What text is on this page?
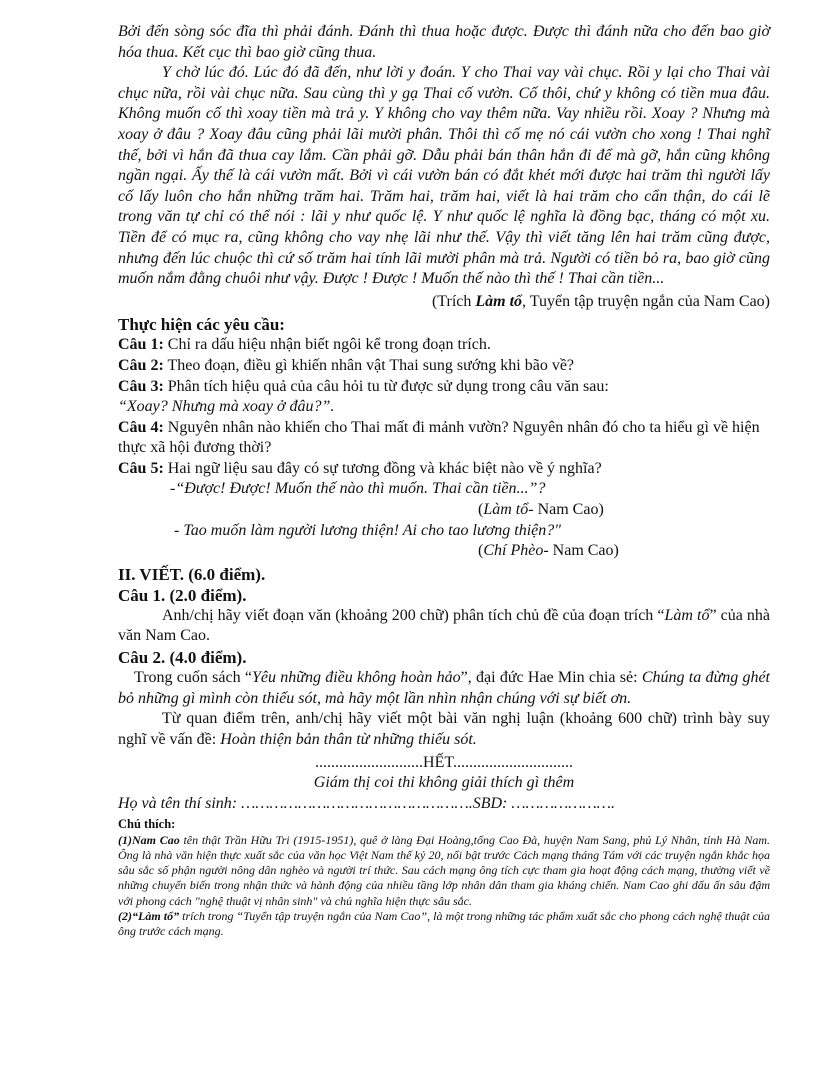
Bởi đến sòng sóc đĩa thì phải đánh. Đánh thì thua hoặc được. Được thì đánh nữa cho đến bao giờ hóa thua. Kết cục thì bao giờ cũng thua.

Y chờ lúc đó. Lúc đó đã đến, như lời y đoán. Y cho Thai vay vài chục. Rồi y lại cho Thai vài chục nữa, rồi vài chục nữa. Sau cùng thì y gạ Thai cố vườn. Cố thôi, chứ y không có tiền mua đâu. Không muốn cố thì xoay tiền mà trả y. Y không cho vay thêm nữa. Vay nhiều rồi. Xoay ? Nhưng mà xoay ở đâu ? Xoay đâu cũng phải lãi mười phân. Thôi thì cố mẹ nó cái vườn cho xong ! Thai nghĩ thế, bởi vì hắn đã thua cay lắm. Cần phải gỡ. Dẫu phải bán thân hắn đi để mà gỡ, hắn cũng không ngần ngại. Ấy thế là cái vườn mất. Bởi vì cái vườn bán có đắt khét mới được hai trăm thì người lấy cố lấy luôn cho hắn những trăm hai. Trăm hai, trăm hai, viết là hai trăm cho cẩn thận, do cái lẽ trong văn tự chỉ có thể nói : lãi y như quốc lệ. Y như quốc lệ nghĩa là đồng bạc, tháng có một xu. Tiền để có mục ra, cũng không cho vay nhẹ lãi như thế. Vậy thì viết tăng lên hai trăm cũng được, nhưng đến lúc chuộc thì cứ số trăm hai tính lãi mười phân mà trả. Người có tiền bỏ ra, bao giờ cũng muốn nắm đằng chuôi như vậy. Được ! Được ! Muốn thế nào thì thế ! Thai cần tiền...

(Trích Làm tổ, Tuyển tập truyện ngắn của Nam Cao)

Thực hiện các yêu cầu:

Câu 1: Chỉ ra dấu hiệu nhận biết ngôi kể trong đoạn trích.

Câu 2: Theo đoạn, điều gì khiến nhân vật Thai sung sướng khi bão về?

Câu 3: Phân tích hiệu quả của câu hỏi tu từ được sử dụng trong câu văn sau:

“Xoay? Nhưng mà xoay ở đâu?”.

Câu 4: Nguyên nhân nào khiến cho Thai mất đi mảnh vườn? Nguyên nhân đó cho ta hiểu gì về hiện thực xã hội đương thời?

Câu 5: Hai ngữ liệu sau đây có sự tương đồng và khác biệt nào về ý nghĩa?

-“Được! Được! Muốn thế nào thì muốn. Thai cần tiền...”?

(Làm tổ- Nam Cao)

- Tao muốn làm người lương thiện! Ai cho tao lương thiện?"

(Chí Phèo- Nam Cao)

II. VIẾT. (6.0 điểm).

Câu 1. (2.0 điểm).

Anh/chị hãy viết đoạn văn (khoảng 200 chữ) phân tích chủ đề của đoạn trích “Làm tổ” của nhà văn Nam Cao.

Câu 2. (4.0 điểm).

Trong cuốn sách “Yêu những điều không hoàn hảo”, đại đức Hae Min chia sẻ: Chúng ta đừng ghét bỏ những gì mình còn thiếu sót, mà hãy một lần nhìn nhận chúng với sự biết ơn.

Từ quan điểm trên, anh/chị hãy viết một bài văn nghị luận (khoảng 600 chữ) trình bày suy nghĩ về vấn đề: Hoàn thiện bản thân từ những thiếu sót.

...........................HẾT..............................

Giám thị coi thi không giải thích gì thêm

Họ và tên thí sinh: ………………………………………….SBD: ………………….

Chú thích:

(1)Nam Cao tên thật Trần Hữu Tri (1915-1951), quê ở làng Đại Hoàng,tổng Cao Đà, huyện Nam Sang, phủ Lý Nhân, tỉnh Hà Nam. Ông là nhà văn hiện thực xuất sắc của văn học Việt Nam thế kỷ 20, nổi bật trước Cách mạng tháng Tám với các truyện ngắn khắc họa sâu sắc số phận người nông dân nghèo và người trí thức. Sau cách mạng ông tích cực tham gia hoạt động cách mạng, thường viết về những chuyển biến trong nhận thức và hành động của nhiều tầng lớp nhân dân tham gia kháng chiến. Nam Cao ghi dấu ấn sâu đậm với phong cách "nghệ thuật vị nhân sinh" và chủ nghĩa hiện thực sâu sắc.

(2)“Làm tổ” trích trong “Tuyển tập truyện ngắn của Nam Cao”, là một trong những tác phẩm xuất sắc cho phong cách nghệ thuật của ông trước cách mạng.
